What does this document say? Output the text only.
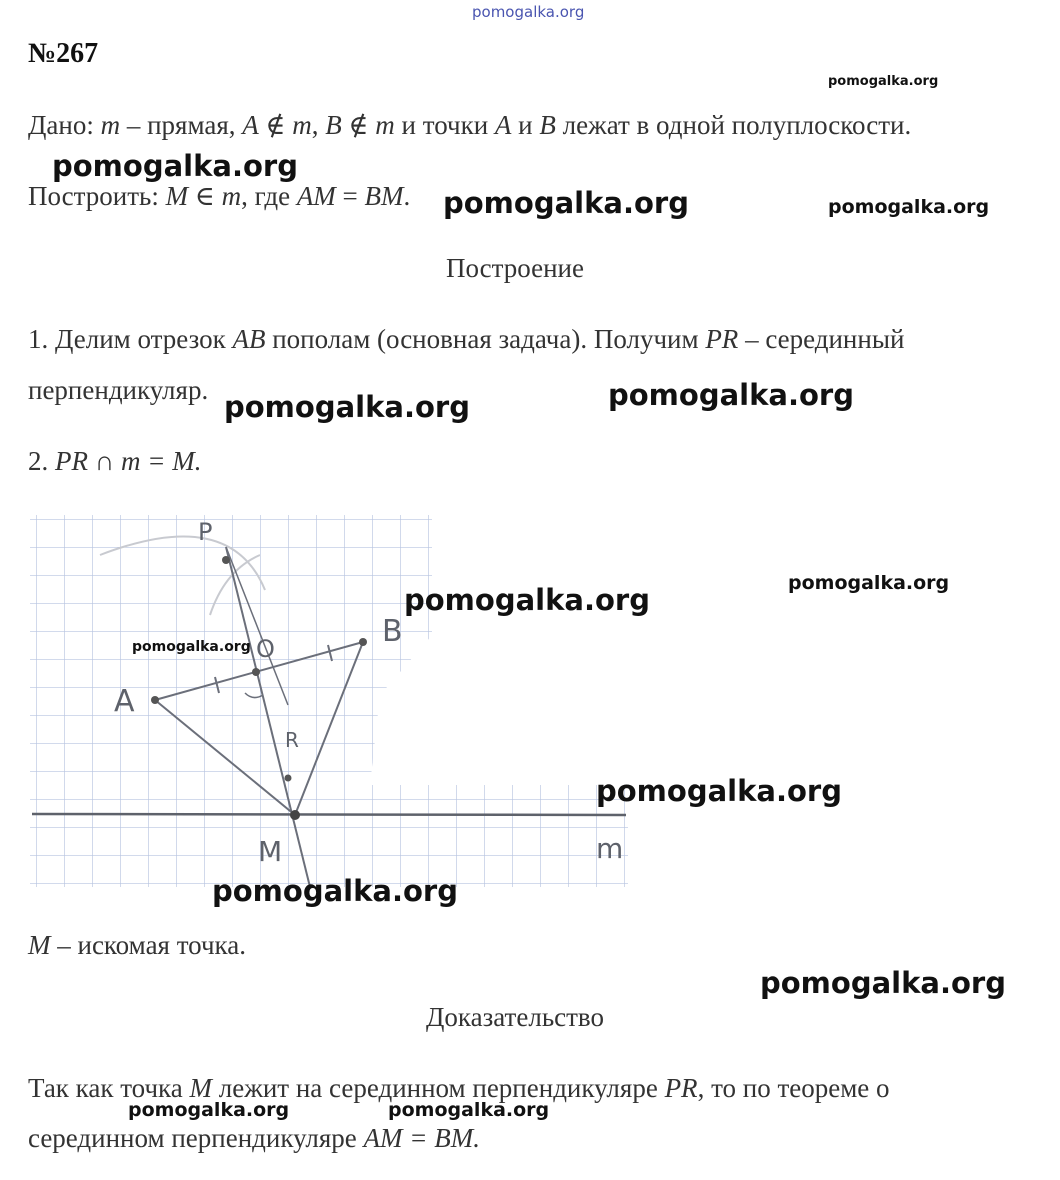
pomogalka.org
№267
Дано: m – прямая, A ∉ m, B ∉ m и точки A и B лежат в одной полуплоскости.
Построить: M ∈ m, где AM = BM.
Построение
1. Делим отрезок AB пополам (основная задача). Получим PR – серединный
перпендикуляр.
2. PR ∩ m = M.
P
O	B
A
R
M	m
M – искомая точка.
Доказательство
Так как точка M лежит на серединном перпендикуляре PR, то по теореме о
серединном перпендикуляре AM = BM.
pomogalka.org
pomogalka.org
pomogalka.org	pomogalka.org
pomogalka.org	pomogalka.org
pomogalka.org
pomogalka.org
pomogalka.org
pomogalka.org
pomogalka.org
pomogalka.org
pomogalka.org	pomogalka.org
